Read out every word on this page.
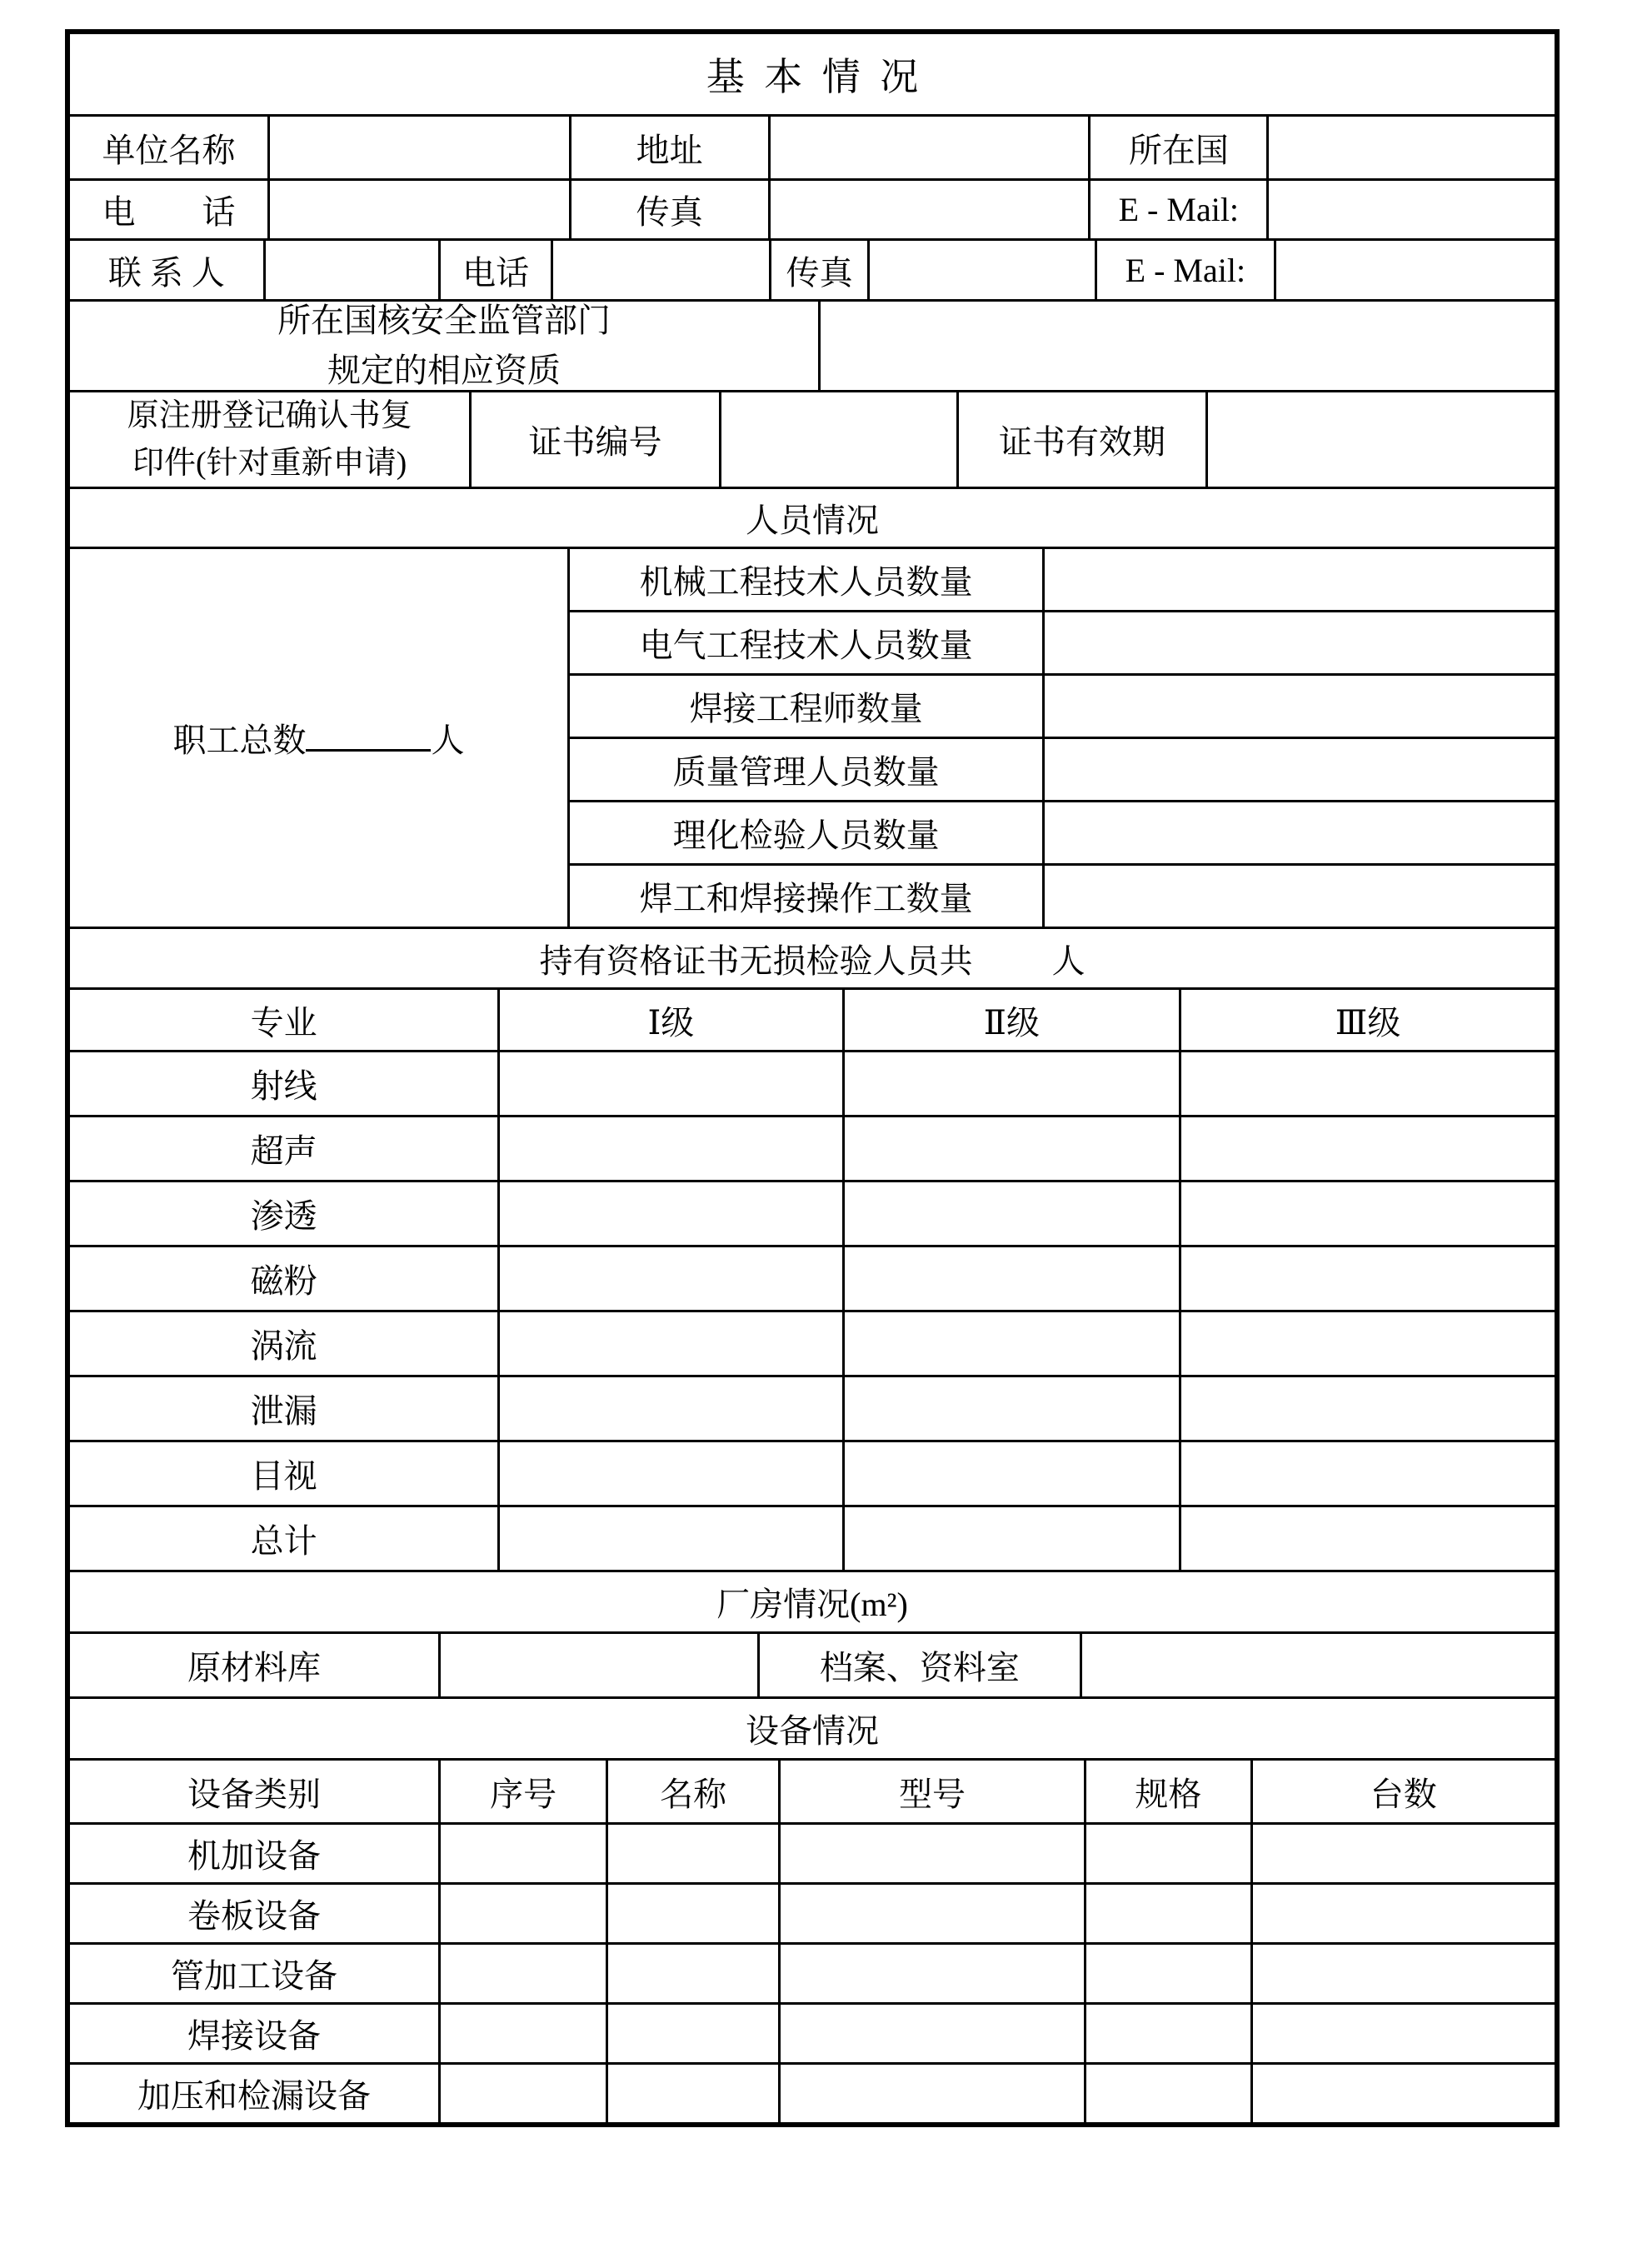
基 本 情 况
单位名称	地址	所在国
电　　话	传真	E - Mail:
联 系 人	电话	传真	E - Mail:
所在国核安全监管部门
规定的相应资质
原注册登记确认书复
印件(针对重新申请)
证书编号	证书有效期
人员情况
职工总数	人
机械工程技术人员数量
电气工程技术人员数量
焊接工程师数量
质量管理人员数量
理化检验人员数量
焊工和焊接操作工数量
持有资格证书无损检验人员共 人
专业	Ⅰ级	Ⅱ级	Ⅲ级
射线
超声
渗透
磁粉
涡流
泄漏
目视
总计
厂房情况(m²)
原材料库	档案、资料室
设备情况
设备类别	序号	名称	型号	规格	台数
机加设备
卷板设备
管加工设备
焊接设备
加压和检漏设备
